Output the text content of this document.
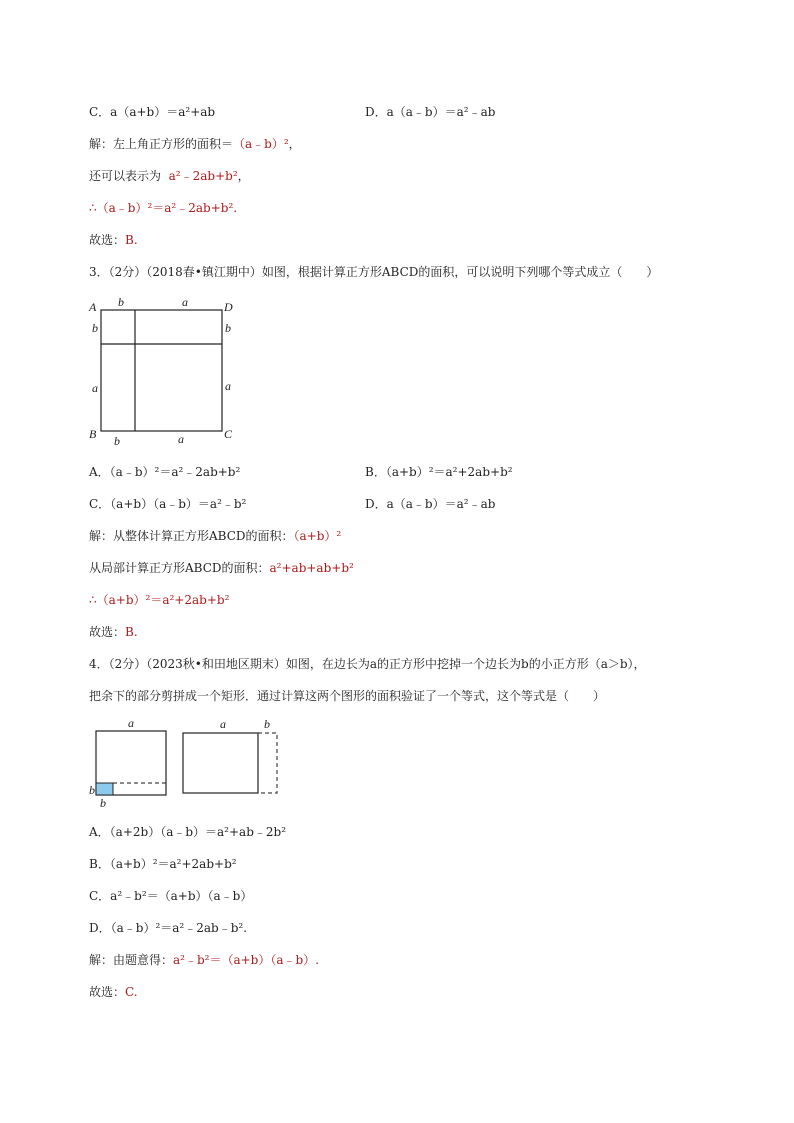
C．a（a+b）＝a²+ab	D．a（a﹣b）＝a²﹣ab
解：左上角正方形的面积＝（a﹣b）²，
还可以表示为 a²﹣2ab+b²，
∴（a﹣b）²＝a²﹣2ab+b².
故选：B.
3．（2分）（2018春•镇江期中）如图，根据计算正方形ABCD的面积，可以说明下列哪个等式成立（　　）
A	D
B	C
b	a
b
a
b
a
b	a
A．（a﹣b）²＝a²﹣2ab+b²	B．（a+b）²＝a²+2ab+b²
C．（a+b）（a﹣b）＝a²﹣b²	D．a（a﹣b）＝a²﹣ab
解：从整体计算正方形ABCD的面积：（a+b）²
从局部计算正方形ABCD的面积：a²+ab+ab+b²
∴（a+b）²＝a²+2ab+b²
故选：B.
4．（2分）（2023秋•和田地区期末）如图，在边长为a的正方形中挖掉一个边长为b的小正方形（a＞b），
把余下的部分剪拼成一个矩形．通过计算这两个图形的面积验证了一个等式，这个等式是（　　）
a
b
b
a	b
A．（a+2b）（a﹣b）＝a²+ab﹣2b²
B．（a+b）²＝a²+2ab+b²
C．a²﹣b²＝（a+b）（a﹣b）
D．（a﹣b）²＝a²﹣2ab﹣b².
解：由题意得：a²﹣b²＝（a+b）（a﹣b）.
故选：C.
